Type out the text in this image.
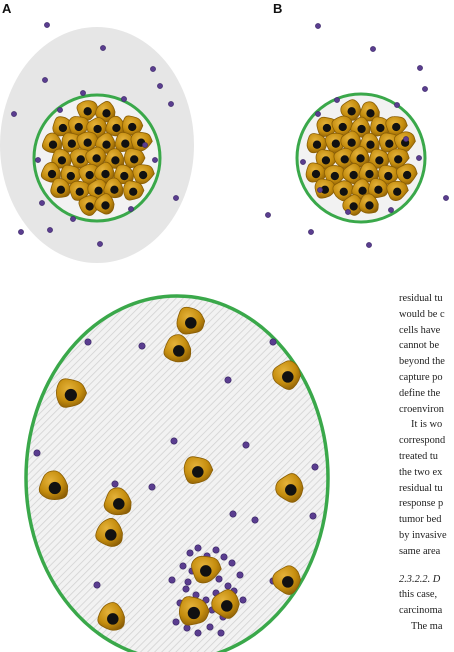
A	B
residual tu
would be c
cells have
cannot be
beyond the
capture po
define the
croenviron
It is wo
correspond
treated tu
the two ex
residual tu
response p
tumor bed
by invasive
same area
2.3.2.2. D
this case,
carcinoma
The ma
